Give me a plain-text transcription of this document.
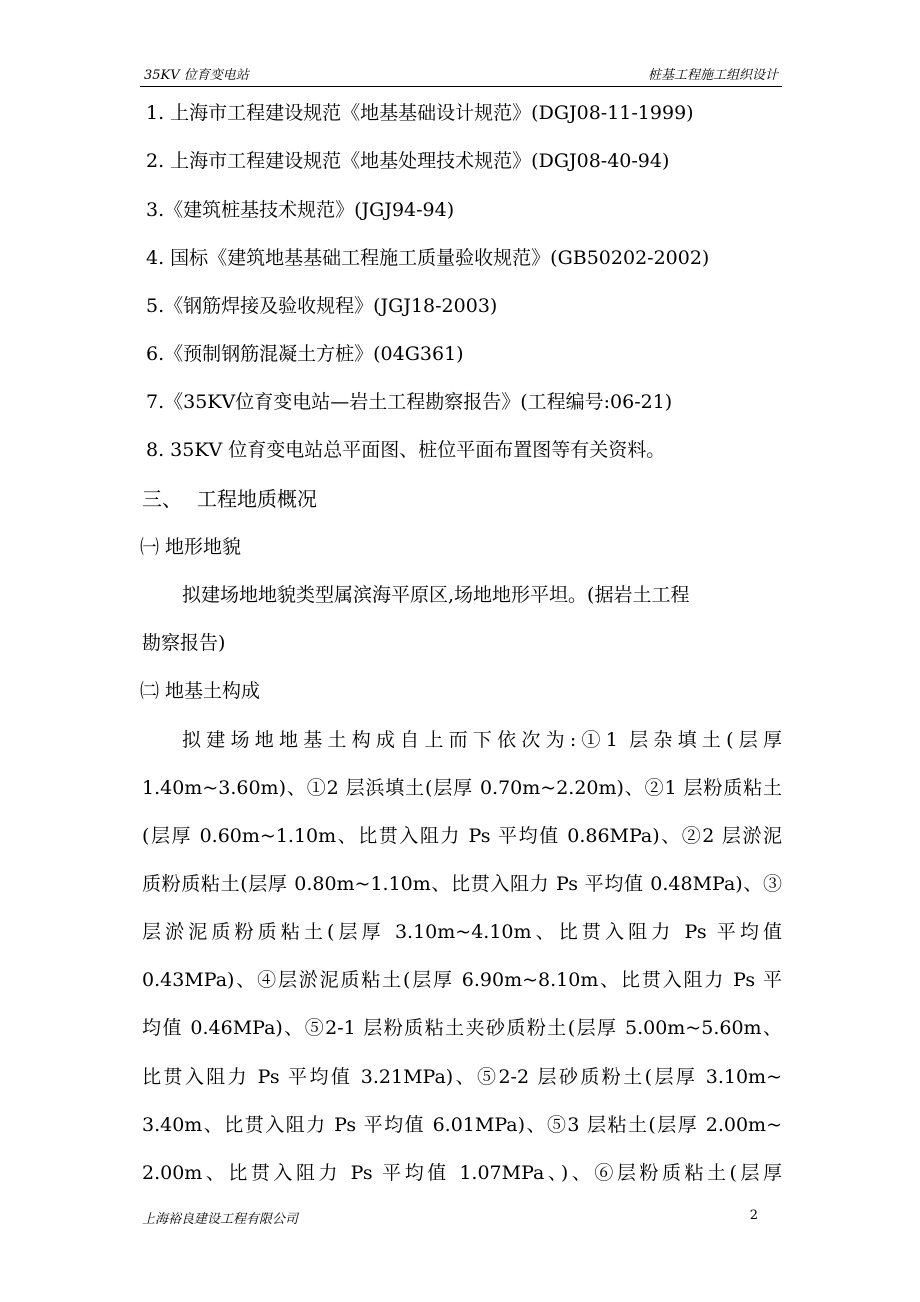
35KV 位育变电站	桩基工程施工组织设计
1. 上海市工程建设规范《地基基础设计规范》(DGJ08-11-1999)
2. 上海市工程建设规范《地基处理技术规范》(DGJ08-40-94)
3.《建筑桩基技术规范》(JGJ94-94)
4. 国标《建筑地基基础工程施工质量验收规范》(GB50202-2002)
5.《钢筋焊接及验收规程》(JGJ18-2003)
6.《预制钢筋混凝土方桩》(04G361)
7.《35KV位育变电站—岩土工程勘察报告》(工程编号:06-21)
8. 35KV 位育变电站总平面图、桩位平面布置图等有关资料。
三、 工程地质概况
㈠ 地形地貌
拟建场地地貌类型属滨海平原区,场地地形平坦。(据岩土工程
勘察报告)
㈡ 地基土构成
拟建场地地基土构成自上而下依次为:①1 层杂填土(层厚
1.40m~3.60m)、①2 层浜填土(层厚 0.70m~2.20m)、②1 层粉质粘土
(层厚 0.60m~1.10m、比贯入阻力 Ps 平均值 0.86MPa)、②2 层淤泥
质粉质粘土(层厚 0.80m~1.10m、比贯入阻力 Ps 平均值 0.48MPa)、③
层淤泥质粉质粘土(层厚 3.10m~4.10m、比贯入阻力 Ps 平均值
0.43MPa)、④层淤泥质粘土(层厚 6.90m~8.10m、比贯入阻力 Ps 平
均值 0.46MPa)、⑤2-1 层粉质粘土夹砂质粉土(层厚 5.00m~5.60m、
比贯入阻力 Ps 平均值 3.21MPa)、⑤2-2 层砂质粉土(层厚 3.10m~
3.40m、比贯入阻力 Ps 平均值 6.01MPa)、⑤3 层粘土(层厚 2.00m~
2.00m、比贯入阻力 Ps 平均值 1.07MPa、)、⑥层粉质粘土(层厚
上海裕良建设工程有限公司	2
